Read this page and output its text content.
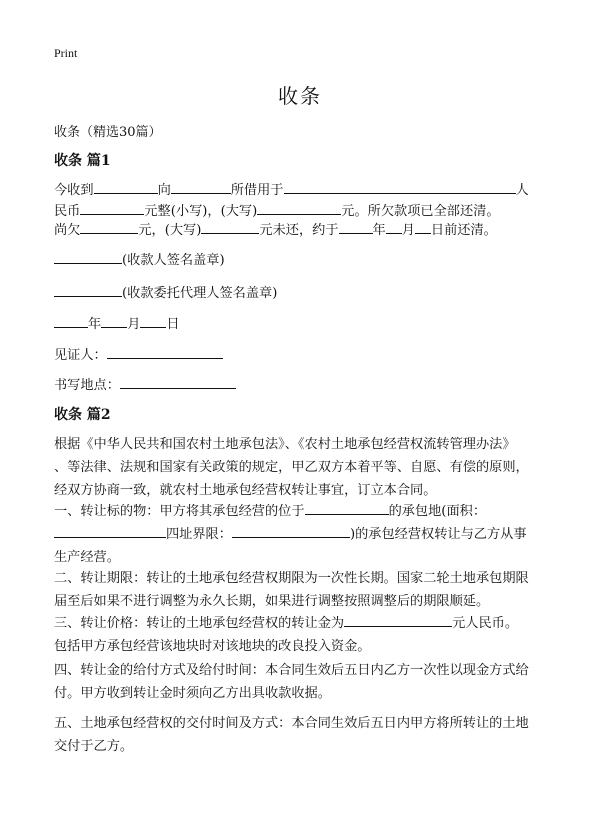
Print
收条
收条（精选30篇）
收条 篇1
今收到	向	所借用于	人
民币	元整(小写)，(大写)	元。所欠款项已全部还清。
尚欠	元，(大写)	元未还，约于	年 月 日前还清。
(收款人签名盖章)
(收款委托代理人签名盖章)
年 月 日
见证人：
书写地点：
收条 篇2
根据《中华人民共和国农村土地承包法》、《农村土地承包经营权流转管理办法》
、等法律、法规和国家有关政策的规定，甲乙双方本着平等、自愿、有偿的原则，
经双方协商一致，就农村土地承包经营权转让事宜，订立本合同。
一、转让标的物：甲方将其承包经营的位于	的承包地(面积：
四址界限：	)的承包经营权转让与乙方从事
生产经营。
二、转让期限：转让的土地承包经营权期限为一次性长期。国家二轮土地承包期限
届至后如果不进行调整为永久长期，如果进行调整按照调整后的期限顺延。
三、转让价格：转让的土地承包经营权的转让金为	元人民币。
包括甲方承包经营该地块时对该地块的改良投入资金。
四、转让金的给付方式及给付时间：本合同生效后五日内乙方一次性以现金方式给
付。甲方收到转让金时须向乙方出具收款收据。
五、土地承包经营权的交付时间及方式：本合同生效后五日内甲方将所转让的土地
交付于乙方。
